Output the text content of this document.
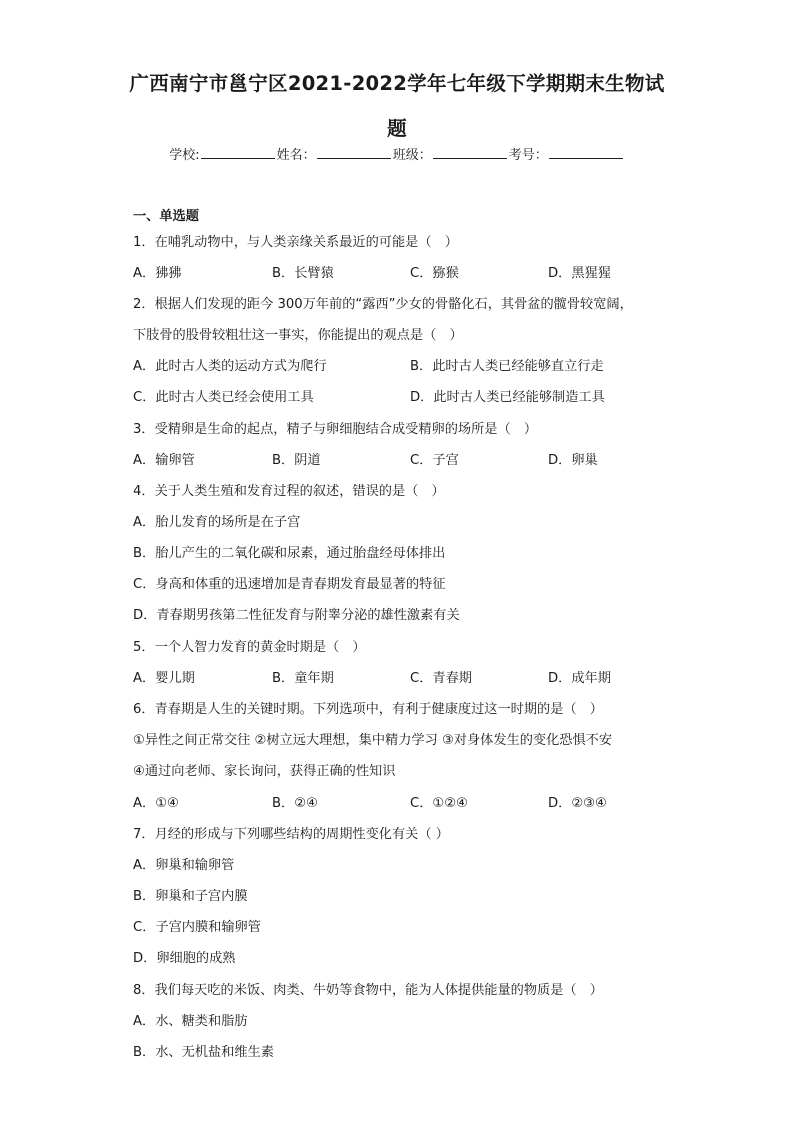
广西南宁市邕宁区2021-2022学年七年级下学期期末生物试
题
学校:	姓名：	班级：	考号：
一、单选题
1．在哺乳动物中，与人类亲缘关系最近的可能是（　）
A．狒狒	B．长臂猿	C．猕猴	D．黑猩猩
2．根据人们发现的距今 300万年前的“露西”少女的骨骼化石，其骨盆的髋骨较宽阔，
下肢骨的股骨较粗壮这一事实，你能提出的观点是（　）
A．此时古人类的运动方式为爬行	B．此时古人类已经能够直立行走
C．此时古人类已经会使用工具	D．此时古人类已经能够制造工具
3．受精卵是生命的起点，精子与卵细胞结合成受精卵的场所是（　）
A．输卵管	B．阴道	C．子宫	D．卵巢
4．关于人类生殖和发育过程的叙述，错误的是（　）
A．胎儿发育的场所是在子宫
B．胎儿产生的二氧化碳和尿素，通过胎盘经母体排出
C．身高和体重的迅速增加是青春期发育最显著的特征
D．青春期男孩第二性征发育与附睾分泌的雄性激素有关
5．一个人智力发育的黄金时期是（　）
A．婴儿期	B．童年期	C．青春期	D．成年期
6．青春期是人生的关键时期。下列选项中，有利于健康度过这一时期的是（　）
①异性之间正常交往 ②树立远大理想，集中精力学习 ③对身体发生的变化恐惧不安
④通过向老师、家长询问，获得正确的性知识
A．①④	B．②④	C．①②④	D．②③④
7．月经的形成与下列哪些结构的周期性变化有关（ ）
A．卵巢和输卵管
B．卵巢和子宫内膜
C．子宫内膜和输卵管
D．卵细胞的成熟
8．我们每天吃的米饭、肉类、牛奶等食物中，能为人体提供能量的物质是（　）
A．水、糖类和脂肪
B．水、无机盐和维生素
